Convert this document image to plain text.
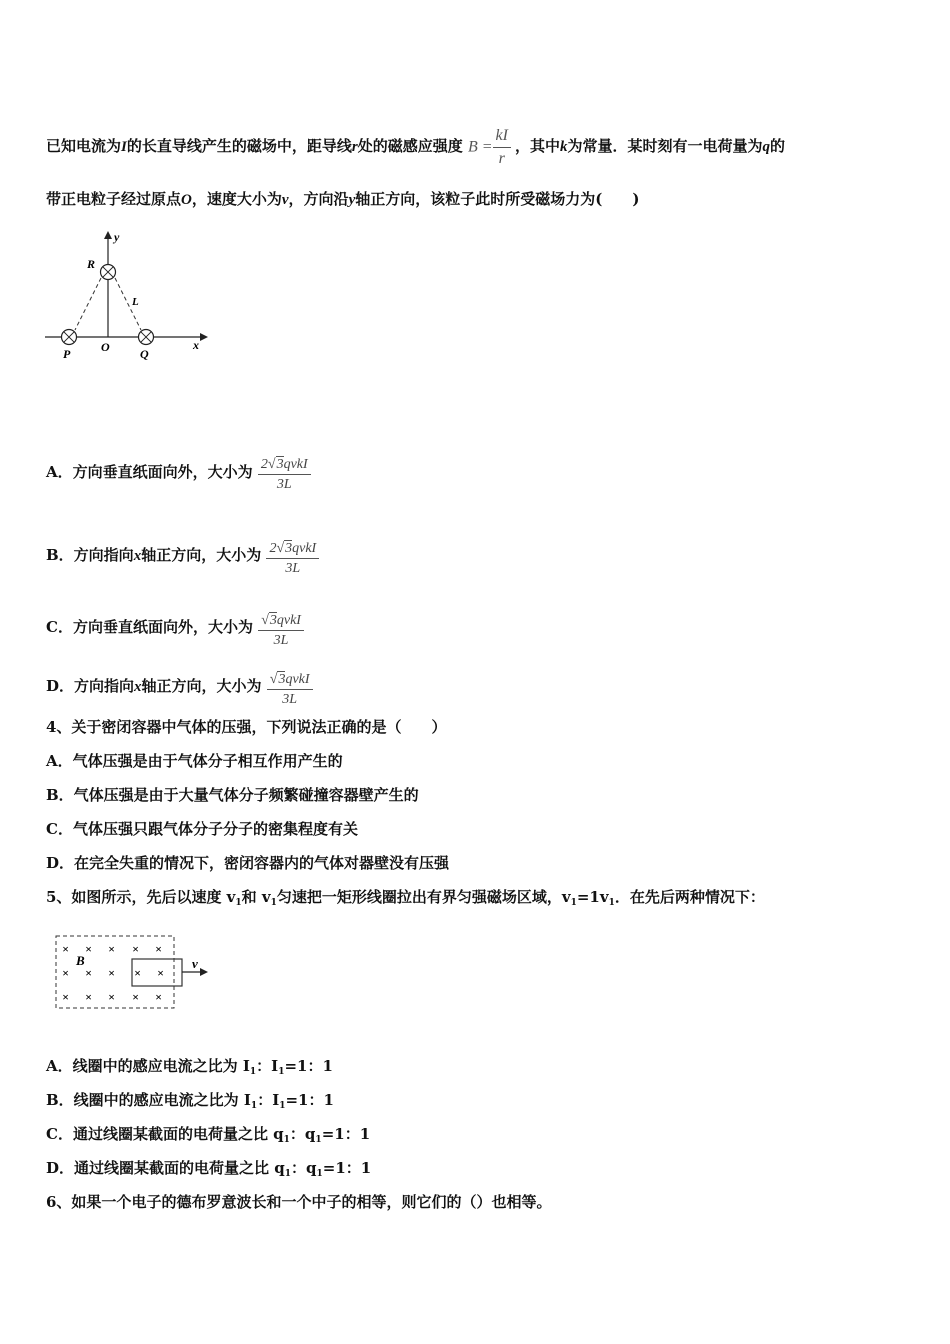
已知电流为I的长直导线产生的磁场中，距导线r处的磁感应强度 $B = \frac{kI}{r}$ ，其中k为常量．某时刻有一电荷量为q的
带正电粒子经过原点O，速度大小为v，方向沿y轴正方向，该粒子此时所受磁场力为(　　)
y
x
R
L
P	O	Q
A．方向垂直纸面向外，大小为 $\frac{\text{2√3qvkI}}{3L}$
B．方向指向x轴正方向，大小为 $\frac{\text{2√3qvkI}}{3L}$
C．方向垂直纸面向外，大小为 $\frac{\text{√3qvkI}}{3L}$
D．方向指向x轴正方向，大小为 $\frac{\text{√3qvkI}}{3L}$
4、关于密闭容器中气体的压强，下列说法正确的是（　　）
A．气体压强是由于气体分子相互作用产生的
B．气体压强是由于大量气体分子频繁碰撞容器壁产生的
C．气体压强只跟气体分子分子的密集程度有关
D．在完全失重的情况下，密闭容器内的气体对器壁没有压强
5、如图所示，先后以速度 $v_1$和 $v_1$匀速把一矩形线圈拉出有界匀强磁场区域，$v_1=1v_1$．在先后两种情况下：
× × × × ×
× × × × ×
× × × × ×
B	v
A．线圈中的感应电流之比为 $I_1$：$I_1=1$：1
B．线圈中的感应电流之比为 $I_1$：$I_1=1$：1
C．通过线圈某截面的电荷量之比 $q_1$：$q_1=1$：1
D．通过线圈某截面的电荷量之比 $q_1$：$q_1=1$：1
6、如果一个电子的德布罗意波长和一个中子的相等，则它们的（）也相等。
